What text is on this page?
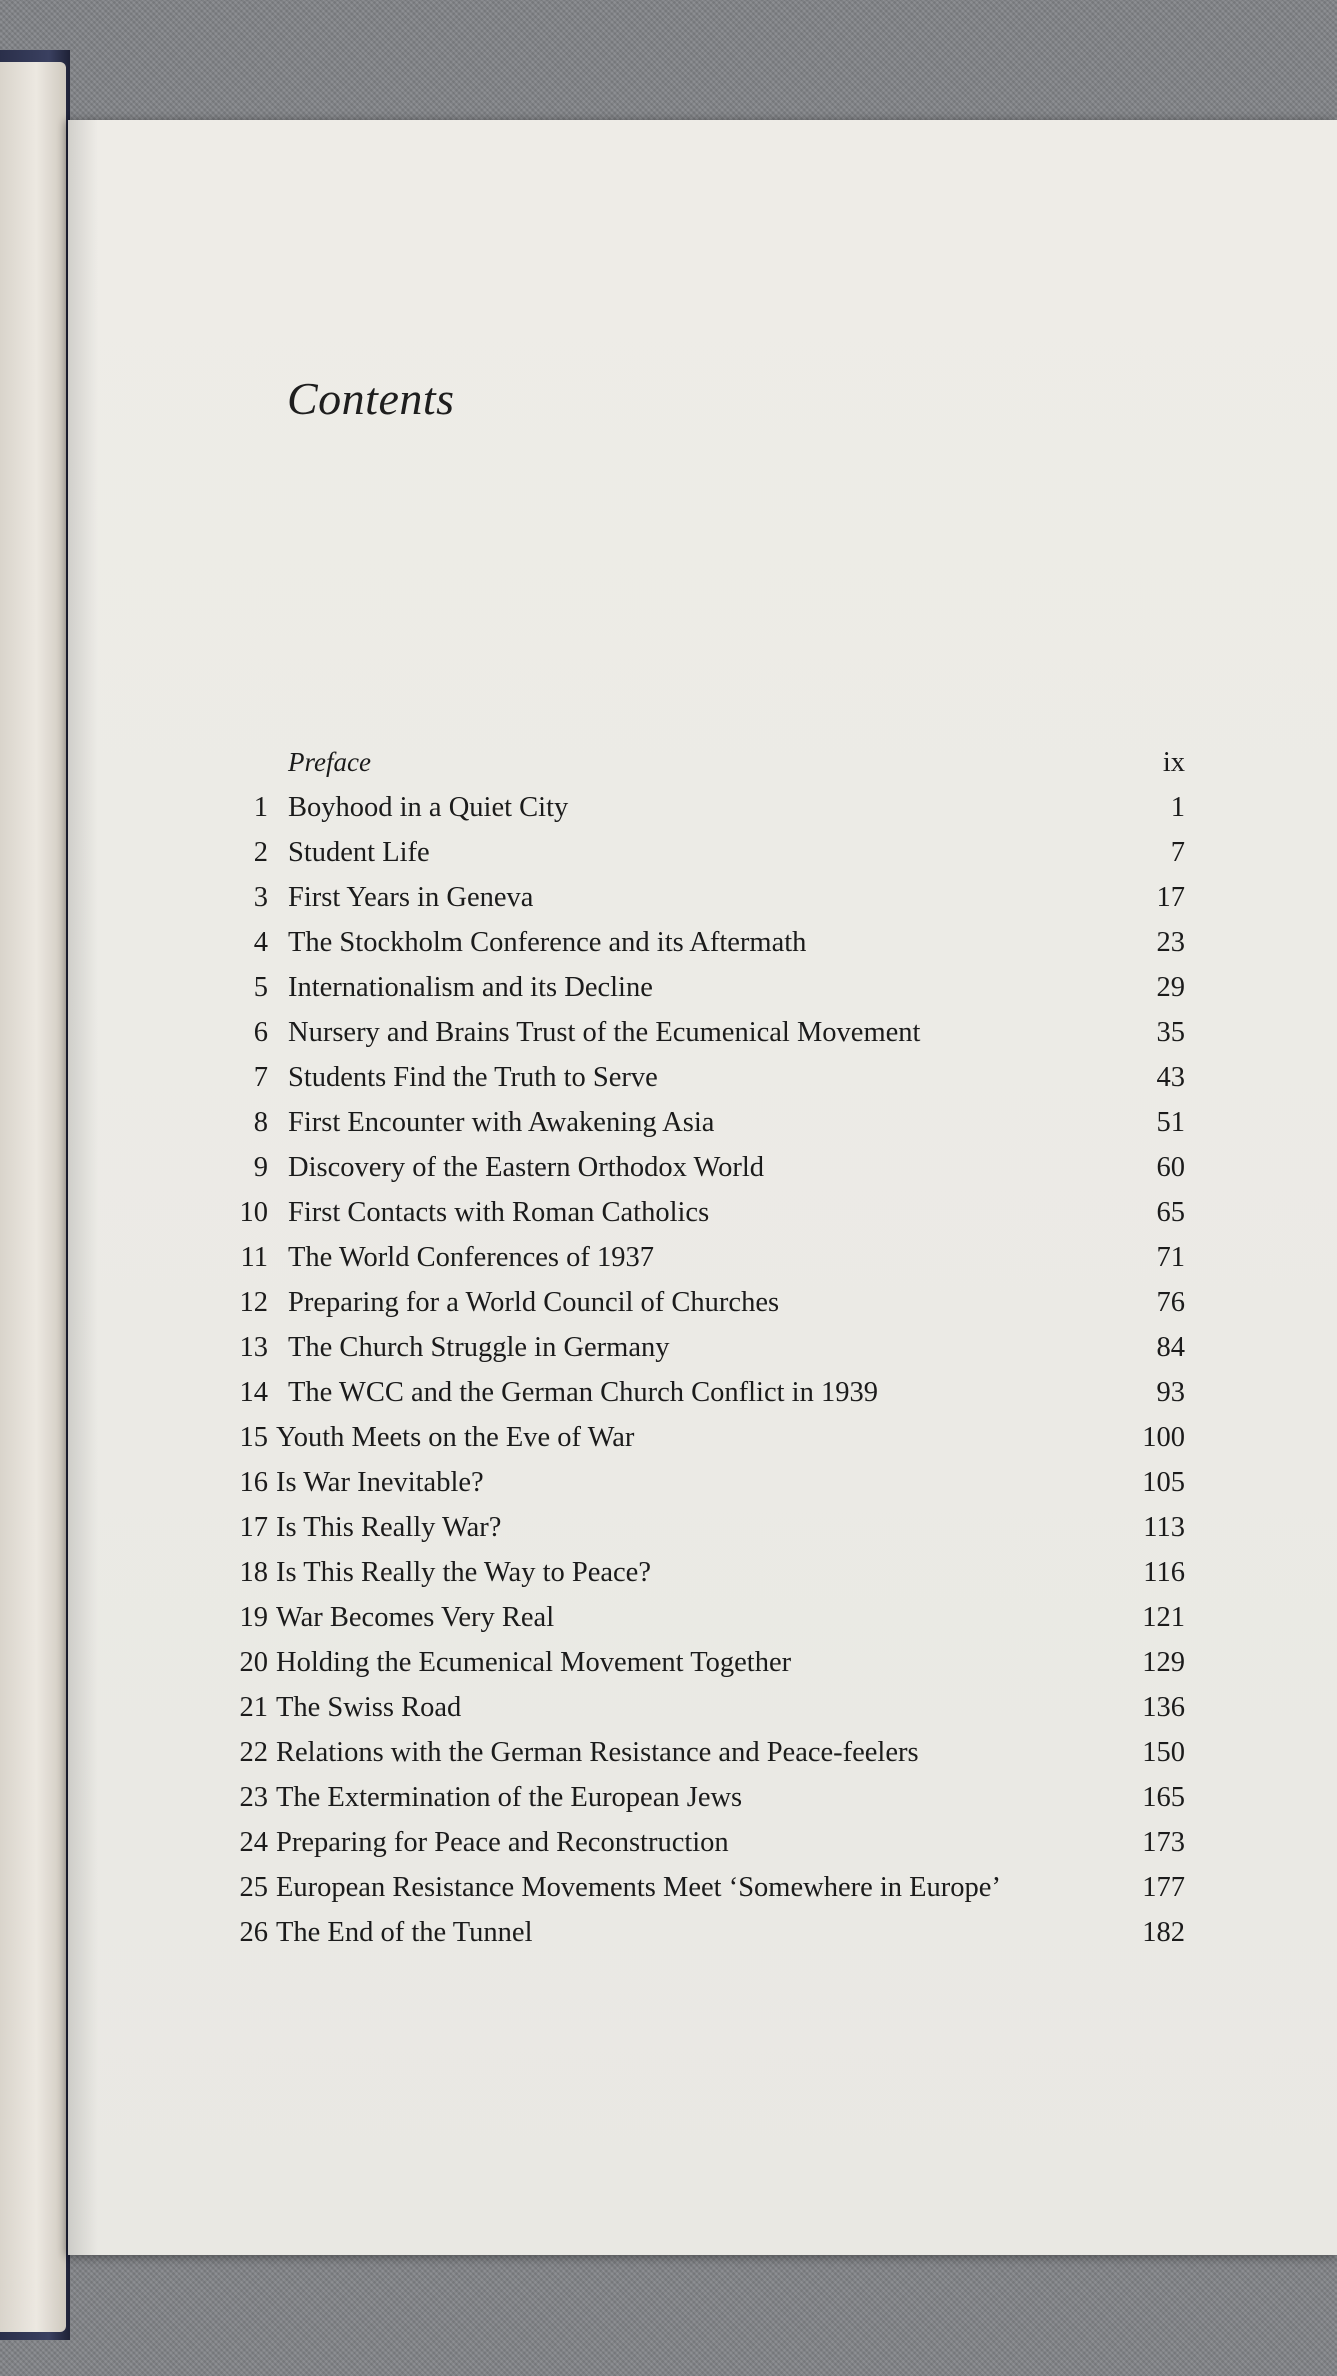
Contents
Preface	ix
1 Boyhood in a Quiet City	1
2 Student Life	7
3 First Years in Geneva	17
4 The Stockholm Conference and its Aftermath	23
5 Internationalism and its Decline	29
6 Nursery and Brains Trust of the Ecumenical Movement	35
7 Students Find the Truth to Serve	43
8 First Encounter with Awakening Asia	51
9 Discovery of the Eastern Orthodox World	60
10 First Contacts with Roman Catholics	65
11 The World Conferences of 1937	71
12 Preparing for a World Council of Churches	76
13 The Church Struggle in Germany	84
14 The WCC and the German Church Conflict in 1939	93
15 Youth Meets on the Eve of War	100
16 Is War Inevitable?	105
17 Is This Really War?	113
18 Is This Really the Way to Peace?	116
19 War Becomes Very Real	121
20 Holding the Ecumenical Movement Together	129
21 The Swiss Road	136
22 Relations with the German Resistance and Peace-feelers	150
23 The Extermination of the European Jews	165
24 Preparing for Peace and Reconstruction	173
25 European Resistance Movements Meet ‘Somewhere in Europe’	177
26 The End of the Tunnel	182
